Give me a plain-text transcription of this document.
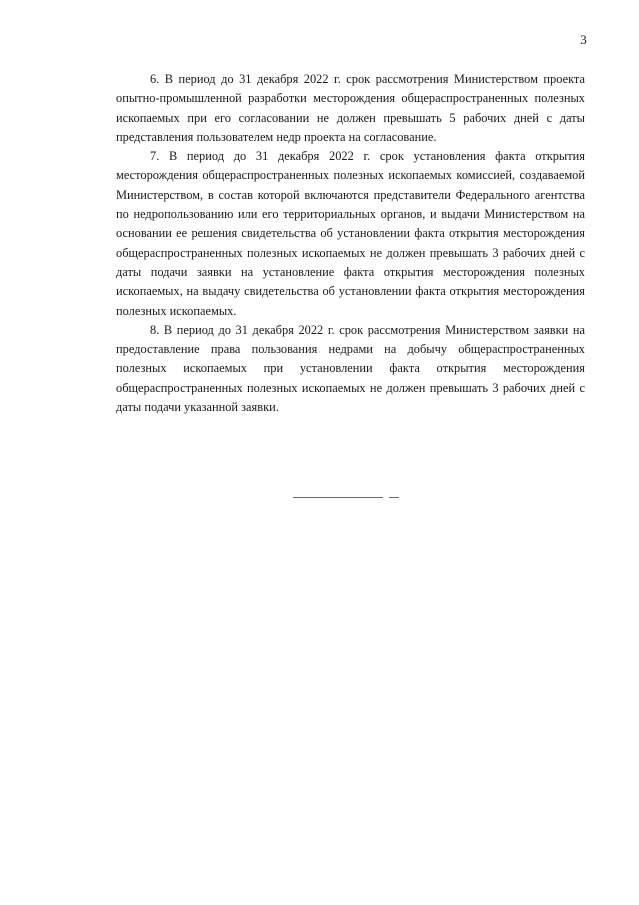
3

6. В период до 31 декабря 2022 г. срок рассмотрения Министерством проекта опытно-промышленной разработки месторождения общераспространенных полезных ископаемых при его согласовании не должен превышать 5 рабочих дней с даты представления пользователем недр проекта на согласование.

7. В период до 31 декабря 2022 г. срок установления факта открытия месторождения общераспространенных полезных ископаемых комиссией, создаваемой Министерством, в состав которой включаются представители Федерального агентства по недропользованию или его территориальных органов, и выдачи Министерством на основании ее решения свидетельства об установлении факта открытия месторождения общераспространенных полезных ископаемых не должен превышать 3 рабочих дней с даты подачи заявки на установление факта открытия месторождения полезных ископаемых, на выдачу свидетельства об установлении факта открытия месторождения полезных ископаемых.

8. В период до 31 декабря 2022 г. срок рассмотрения Министерством заявки на предоставление права пользования недрами на добычу общераспространенных полезных ископаемых при установлении факта открытия месторождения общераспространенных полезных ископаемых не должен превышать 3 рабочих дней с даты подачи указанной заявки.
